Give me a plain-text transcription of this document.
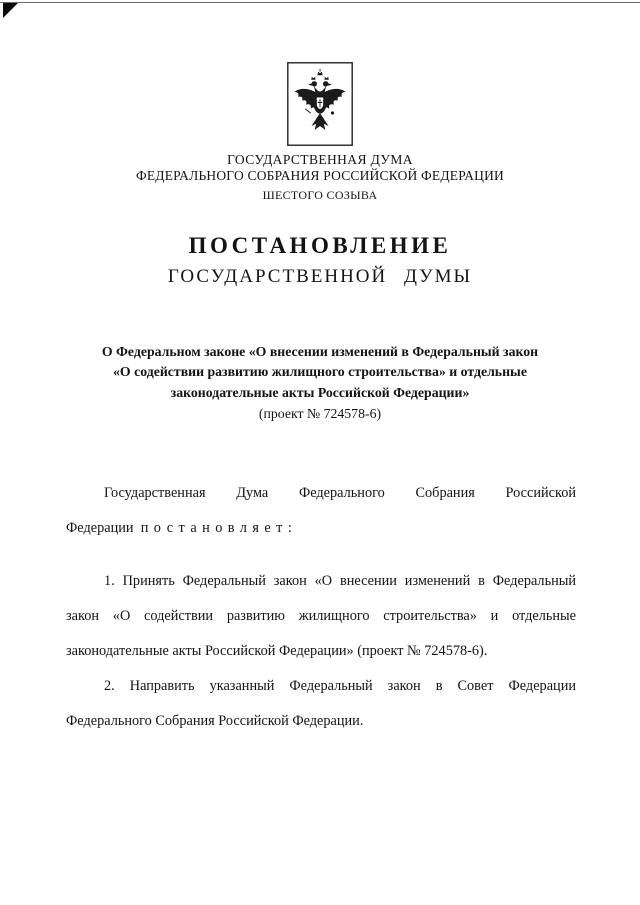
ГОСУДАРСТВЕННАЯ ДУМА
ФЕДЕРАЛЬНОГО СОБРАНИЯ РОССИЙСКОЙ ФЕДЕРАЦИИ
ШЕСТОГО СОЗЫВА
ПОСТАНОВЛЕНИЕ
ГОСУДАРСТВЕННОЙ ДУМЫ
О Федеральном законе «О внесении изменений в Федеральный закон
«О содействии развитию жилищного строительства» и отдельные
законодательные акты Российской Федерации»
(проект № 724578-6)

Государственная Дума Федерального Собрания Российской Федерации постановляет:

1. Принять Федеральный закон «О внесении изменений в Федеральный закон «О содействии развитию жилищного строительства» и отдельные законодательные акты Российской Федерации» (проект № 724578-6).

2. Направить указанный Федеральный закон в Совет Федерации Федерального Собрания Российской Федерации.
